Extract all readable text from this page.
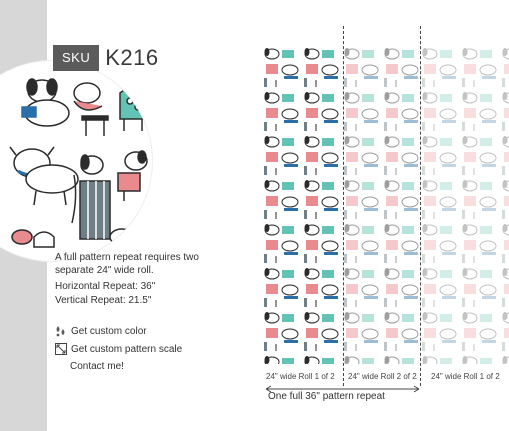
SKU K216
A full pattern repeat requires two separate 24" wide roll.
Horizontal Repeat: 36"
Vertical Repeat: 21.5"
Get custom color
Get custom pattern scale
Contact me!
24" wide Roll 1 of 2 24" wide Roll 2 of 2 24" wide Roll 1 of 2
One full 36" pattern repeat
